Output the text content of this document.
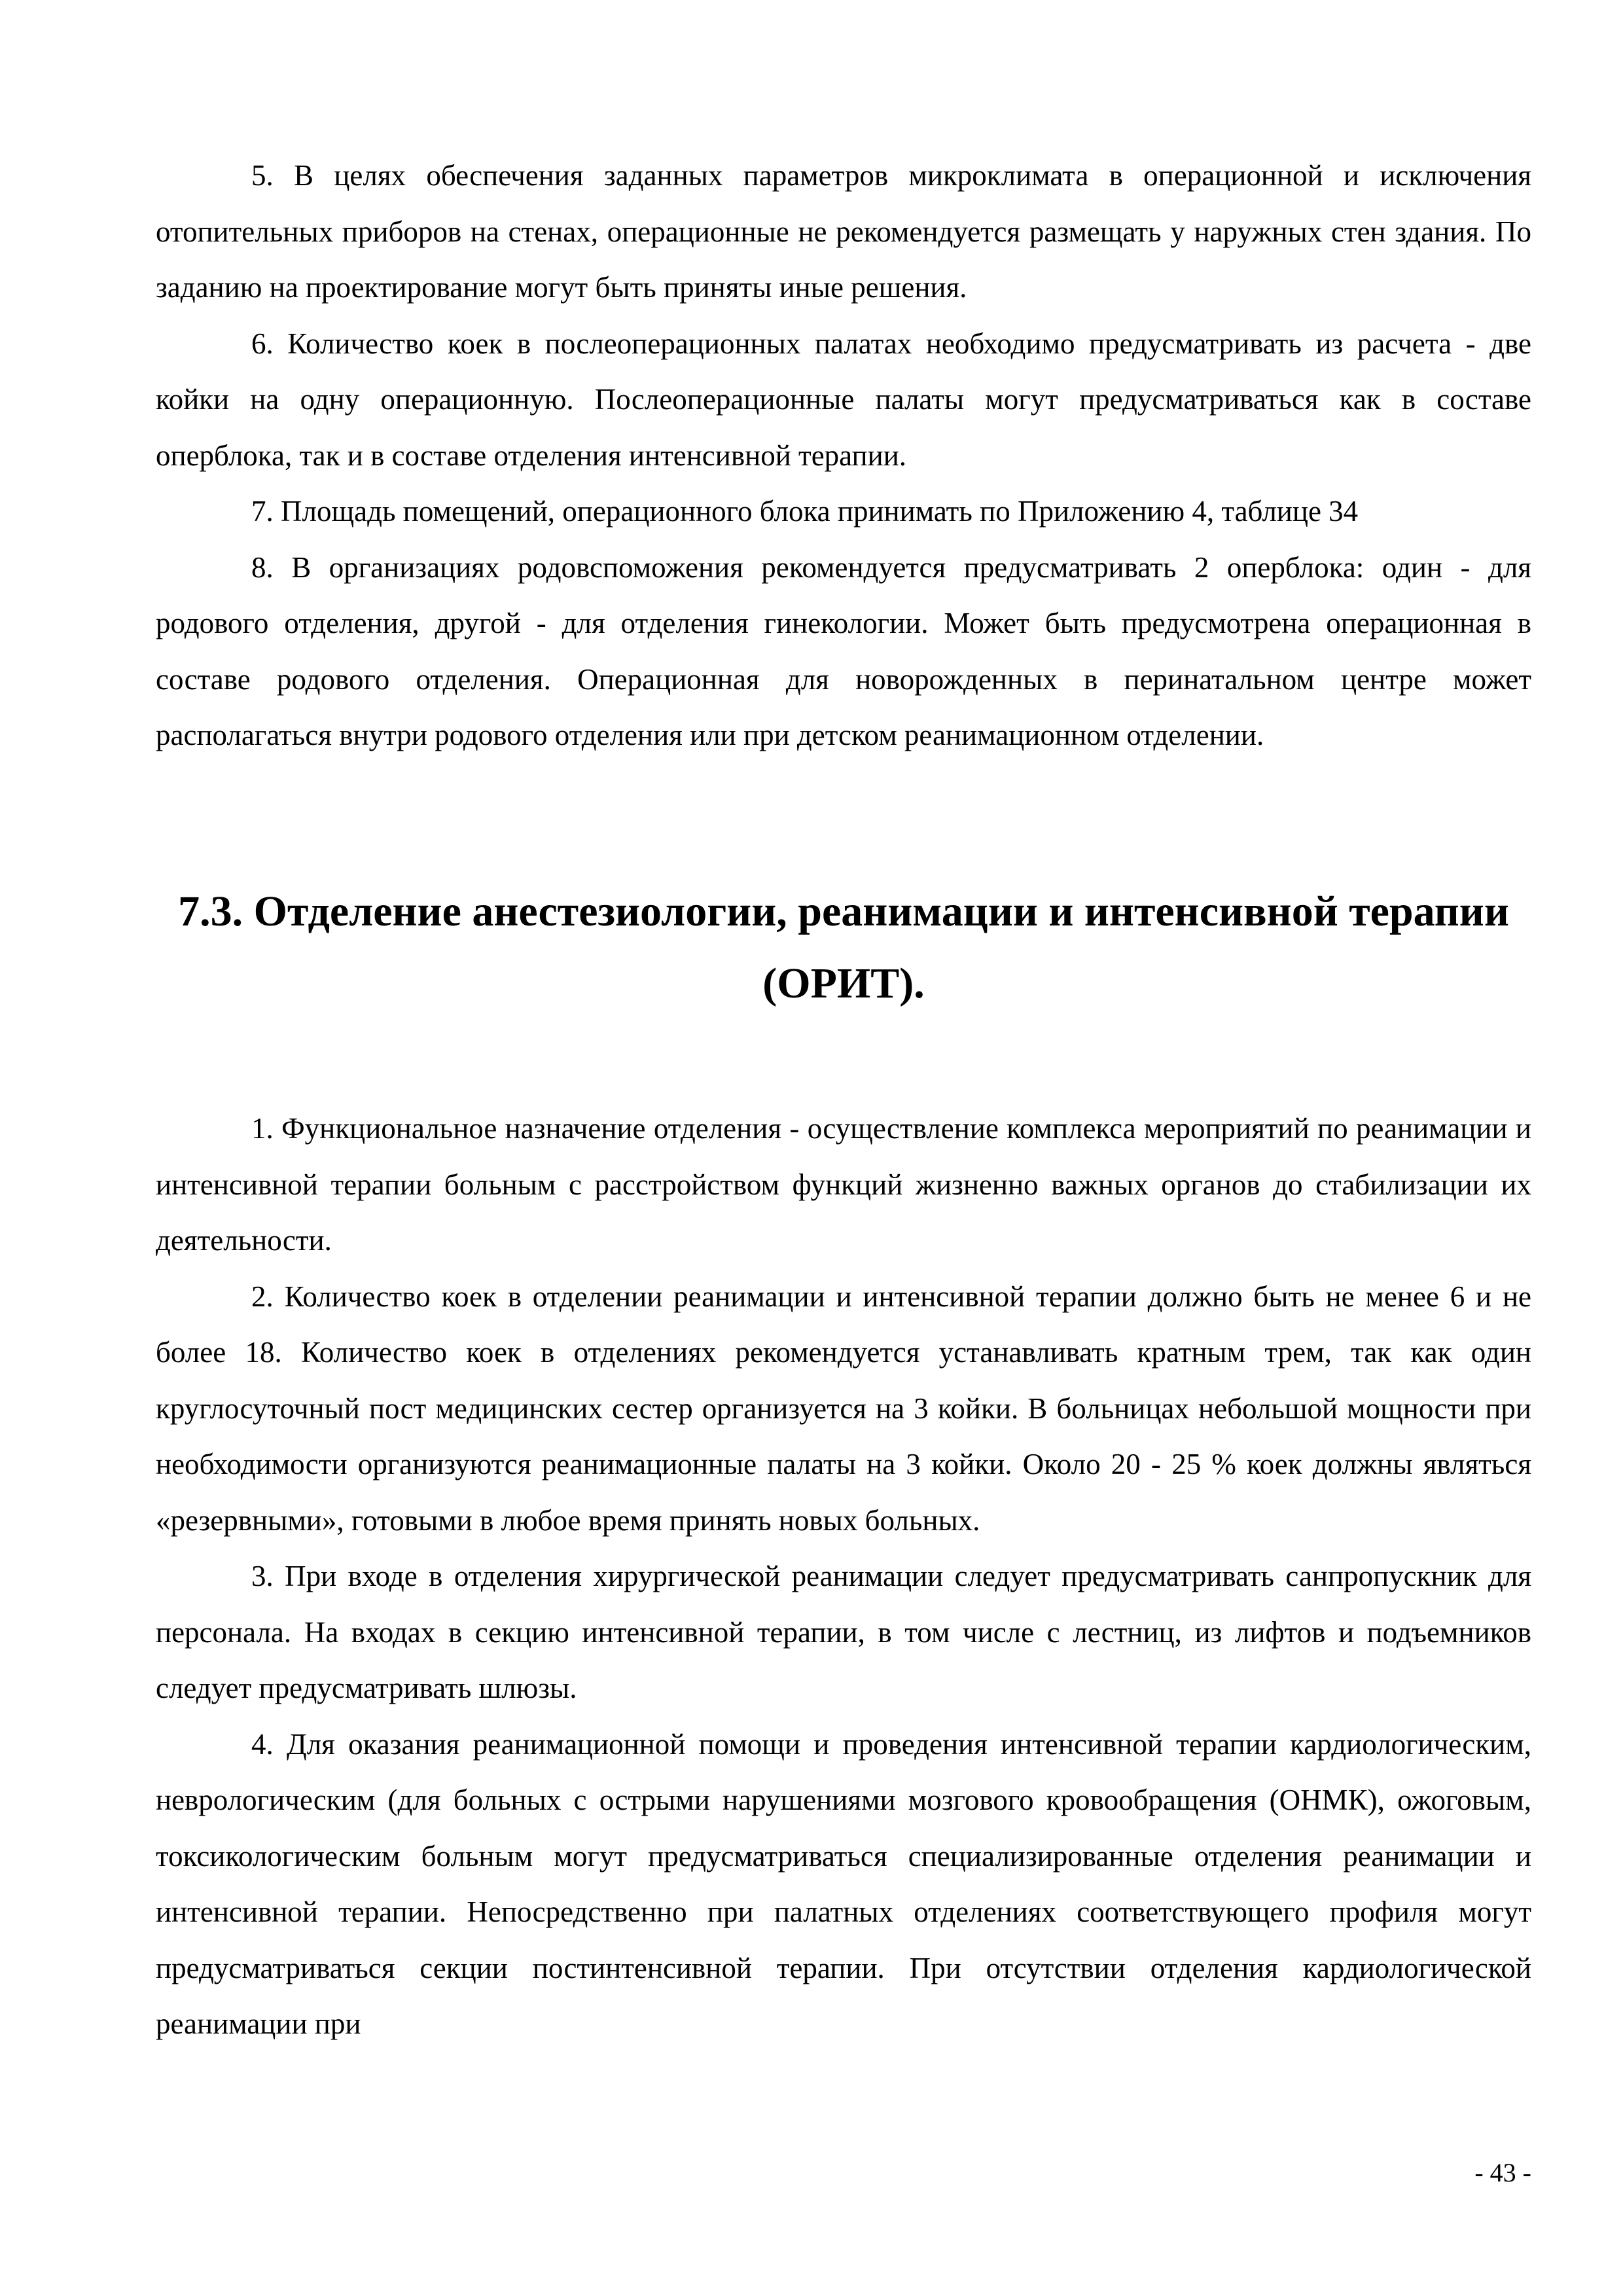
5. В целях обеспечения заданных параметров микроклимата в операционной и исключения отопительных приборов на стенах, операционные не рекомендуется размещать у наружных стен здания. По заданию на проектирование могут быть приняты иные решения.

6. Количество коек в послеоперационных палатах необходимо предусматривать из расчета - две койки на одну операционную. Послеоперационные палаты могут предусматриваться как в составе оперблока, так и в составе отделения интенсивной терапии.

7. Площадь помещений, операционного блока принимать по Приложению 4, таблице 34

8. В организациях родовспоможения рекомендуется предусматривать 2 оперблока: один - для родового отделения, другой - для отделения гинекологии. Может быть предусмотрена операционная в составе родового отделения. Операционная для новорожденных в перинатальном центре может располагаться внутри родового отделения или при детском реанимационном отделении.

7.3. Отделение анестезиологии, реанимации и интенсивной терапии (ОРИТ).

1. Функциональное назначение отделения - осуществление комплекса мероприятий по реанимации и интенсивной терапии больным с расстройством функций жизненно важных органов до стабилизации их деятельности.

2. Количество коек в отделении реанимации и интенсивной терапии должно быть не менее 6 и не более 18. Количество коек в отделениях рекомендуется устанавливать кратным трем, так как один круглосуточный пост медицинских сестер организуется на 3 койки. В больницах небольшой мощности при необходимости организуются реанимационные палаты на 3 койки. Около 20 - 25 % коек должны являться «резервными», готовыми в любое время принять новых больных.

3. При входе в отделения хирургической реанимации следует предусматривать санпропускник для персонала. На входах в секцию интенсивной терапии, в том числе с лестниц, из лифтов и подъемников следует предусматривать шлюзы.

4. Для оказания реанимационной помощи и проведения интенсивной терапии кардиологическим, неврологическим (для больных с острыми нарушениями мозгового кровообращения (ОНМК), ожоговым, токсикологическим больным могут предусматриваться специализированные отделения реанимации и интенсивной терапии. Непосредственно при палатных отделениях соответствующего профиля могут предусматриваться секции постинтенсивной терапии. При отсутствии отделения кардиологической реанимации при

- 43 -
